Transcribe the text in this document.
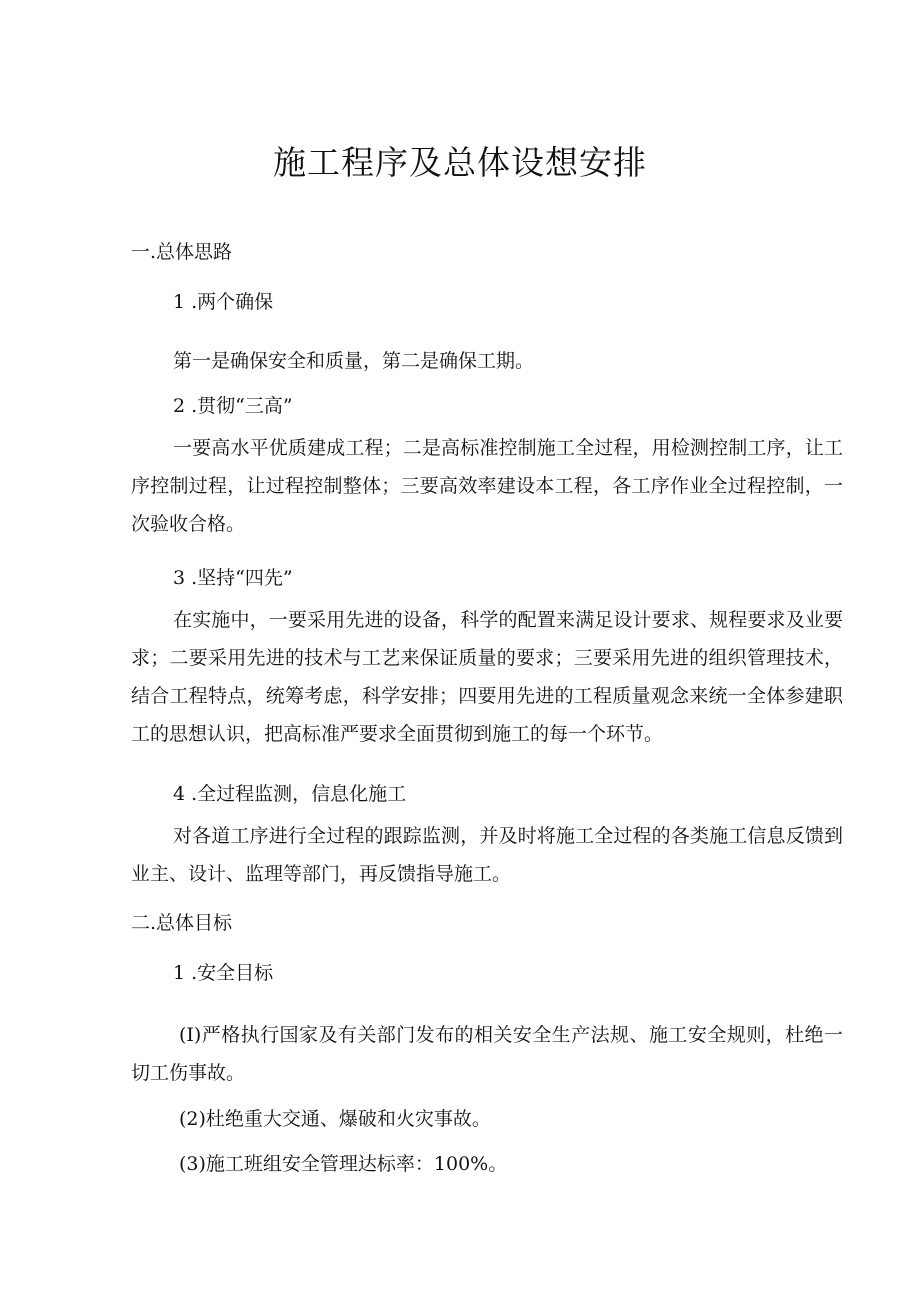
施工程序及总体设想安排

一.总体思路

1 .两个确保

第一是确保安全和质量，第二是确保工期。

2 .贯彻“三高”

一要高水平优质建成工程；二是高标准控制施工全过程，用检测控制工序，让工序控制过程，让过程控制整体；三要高效率建设本工程，各工序作业全过程控制，一次验收合格。

3 .坚持“四先”

在实施中，一要采用先进的设备，科学的配置来满足设计要求、规程要求及业要求；二要采用先进的技术与工艺来保证质量的要求；三要采用先进的组织管理技术，结合工程特点，统筹考虑，科学安排；四要用先进的工程质量观念来统一全体参建职工的思想认识，把高标准严要求全面贯彻到施工的每一个环节。

4 .全过程监测，信息化施工

对各道工序进行全过程的跟踪监测，并及时将施工全过程的各类施工信息反馈到业主、设计、监理等部门，再反馈指导施工。

二.总体目标

1 .安全目标

(I)严格执行国家及有关部门发布的相关安全生产法规、施工安全规则，杜绝一切工伤事故。

(2)杜绝重大交通、爆破和火灾事故。

(3)施工班组安全管理达标率：100%。
